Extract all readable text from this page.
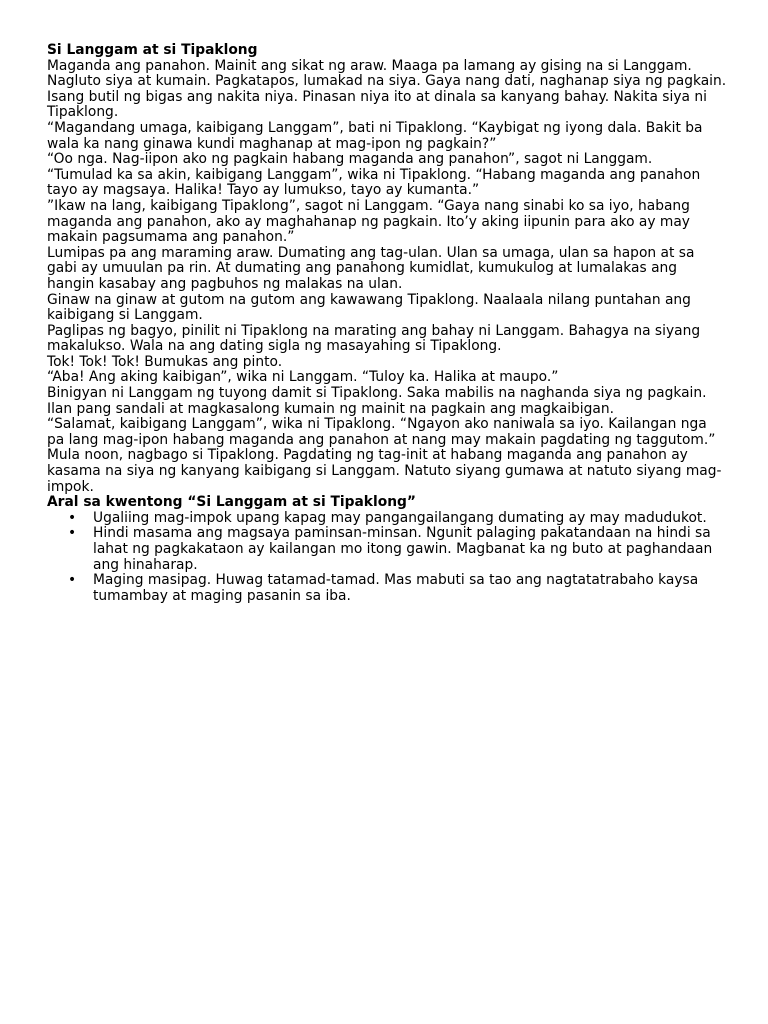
Si Langgam at si Tipaklong

Maganda ang panahon. Mainit ang sikat ng araw. Maaga pa lamang ay gising na si Langgam. Nagluto siya at kumain. Pagkatapos, lumakad na siya. Gaya nang dati, naghanap siya ng pagkain. Isang butil ng bigas ang nakita niya. Pinasan niya ito at dinala sa kanyang bahay. Nakita siya ni Tipaklong.

“Magandang umaga, kaibigang Langgam”, bati ni Tipaklong. “Kaybigat ng iyong dala. Bakit ba wala ka nang ginawa kundi maghanap at mag-ipon ng pagkain?”

“Oo nga. Nag-iipon ako ng pagkain habang maganda ang panahon”, sagot ni Langgam.

“Tumulad ka sa akin, kaibigang Langgam”, wika ni Tipaklong. “Habang maganda ang panahon tayo ay magsaya. Halika! Tayo ay lumukso, tayo ay kumanta.”

”Ikaw na lang, kaibigang Tipaklong”, sagot ni Langgam. “Gaya nang sinabi ko sa iyo, habang maganda ang panahon, ako ay maghahanap ng pagkain. Ito’y aking iipunin para ako ay may makain pagsumama ang panahon.”

Lumipas pa ang maraming araw. Dumating ang tag-ulan. Ulan sa umaga, ulan sa hapon at sa gabi ay umuulan pa rin. At dumating ang panahong kumidlat, kumukulog at lumalakas ang hangin kasabay ang pagbuhos ng malakas na ulan.

Ginaw na ginaw at gutom na gutom ang kawawang Tipaklong. Naalaala nilang puntahan ang kaibigang si Langgam.

Paglipas ng bagyo, pinilit ni Tipaklong na marating ang bahay ni Langgam. Bahagya na siyang makalukso. Wala na ang dating sigla ng masayahing si Tipaklong.

Tok! Tok! Tok! Bumukas ang pinto.

“Aba! Ang aking kaibigan”, wika ni Langgam. “Tuloy ka. Halika at maupo.”

Binigyan ni Langgam ng tuyong damit si Tipaklong. Saka mabilis na naghanda siya ng pagkain.

Ilan pang sandali at magkasalong kumain ng mainit na pagkain ang magkaibigan.

“Salamat, kaibigang Langgam”, wika ni Tipaklong. “Ngayon ako naniwala sa iyo. Kailangan nga pa lang mag-ipon habang maganda ang panahon at nang may makain pagdating ng taggutom.”

Mula noon, nagbago si Tipaklong. Pagdating ng tag-init at habang maganda ang panahon ay kasama na siya ng kanyang kaibigang si Langgam. Natuto siyang gumawa at natuto siyang mag-impok.

Aral sa kwentong “Si Langgam at si Tipaklong”

• Ugaliing mag-impok upang kapag may pangangailangang dumating ay may madudukot.
• Hindi masama ang magsaya paminsan-minsan. Ngunit palaging pakatandaan na hindi sa lahat ng pagkakataon ay kailangan mo itong gawin. Magbanat ka ng buto at paghandaan ang hinaharap.
• Maging masipag. Huwag tatamad-tamad. Mas mabuti sa tao ang nagtatatrabaho kaysa tumambay at maging pasanin sa iba.
